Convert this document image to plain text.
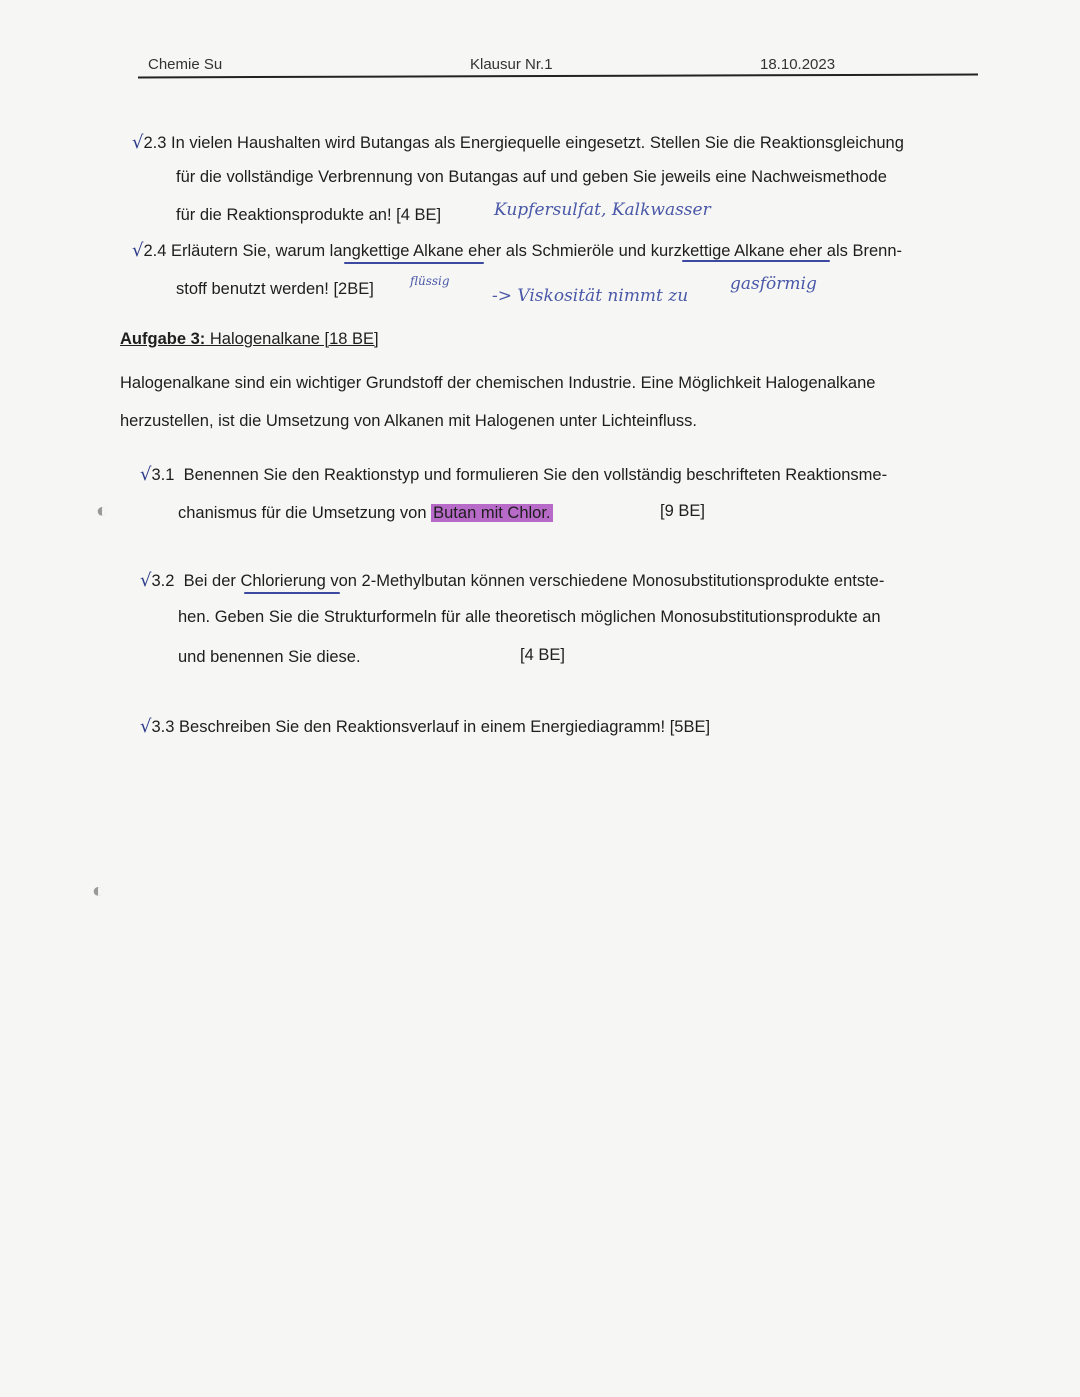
Chemie Su	Klausur Nr.1	18.10.2023
√2.3 In vielen Haushalten wird Butangas als Energiequelle eingesetzt. Stellen Sie die Reaktionsgleichung
für die vollständige Verbrennung von Butangas auf und geben Sie jeweils eine Nachweismethode
für die Reaktionsprodukte an! [4 BE]	Kupfersulfat, Kalkwasser
√2.4 Erläutern Sie, warum langkettige Alkane eher als Schmieröle und kurzkettige Alkane eher als Brenn-
stoff benutzt werden! [2BE]	flüssig
-> Viskosität nimmt zu
gasförmig
Aufgabe 3: Halogenalkane [18 BE]
Halogenalkane sind ein wichtiger Grundstoff der chemischen Industrie. Eine Möglichkeit Halogenalkane
herzustellen, ist die Umsetzung von Alkanen mit Halogenen unter Lichteinfluss.
√3.1 Benennen Sie den Reaktionstyp und formulieren Sie den vollständig beschrifteten Reaktionsme-
chanismus für die Umsetzung von Butan mit Chlor.	[9 BE]
√3.2 Bei der Chlorierung von 2-Methylbutan können verschiedene Monosubstitutionsprodukte entste-
hen. Geben Sie die Strukturformeln für alle theoretisch möglichen Monosubstitutionsprodukte an
und benennen Sie diese.	[4 BE]
√3.3 Beschreiben Sie den Reaktionsverlauf in einem Energiediagramm! [5BE]
◐
◐
